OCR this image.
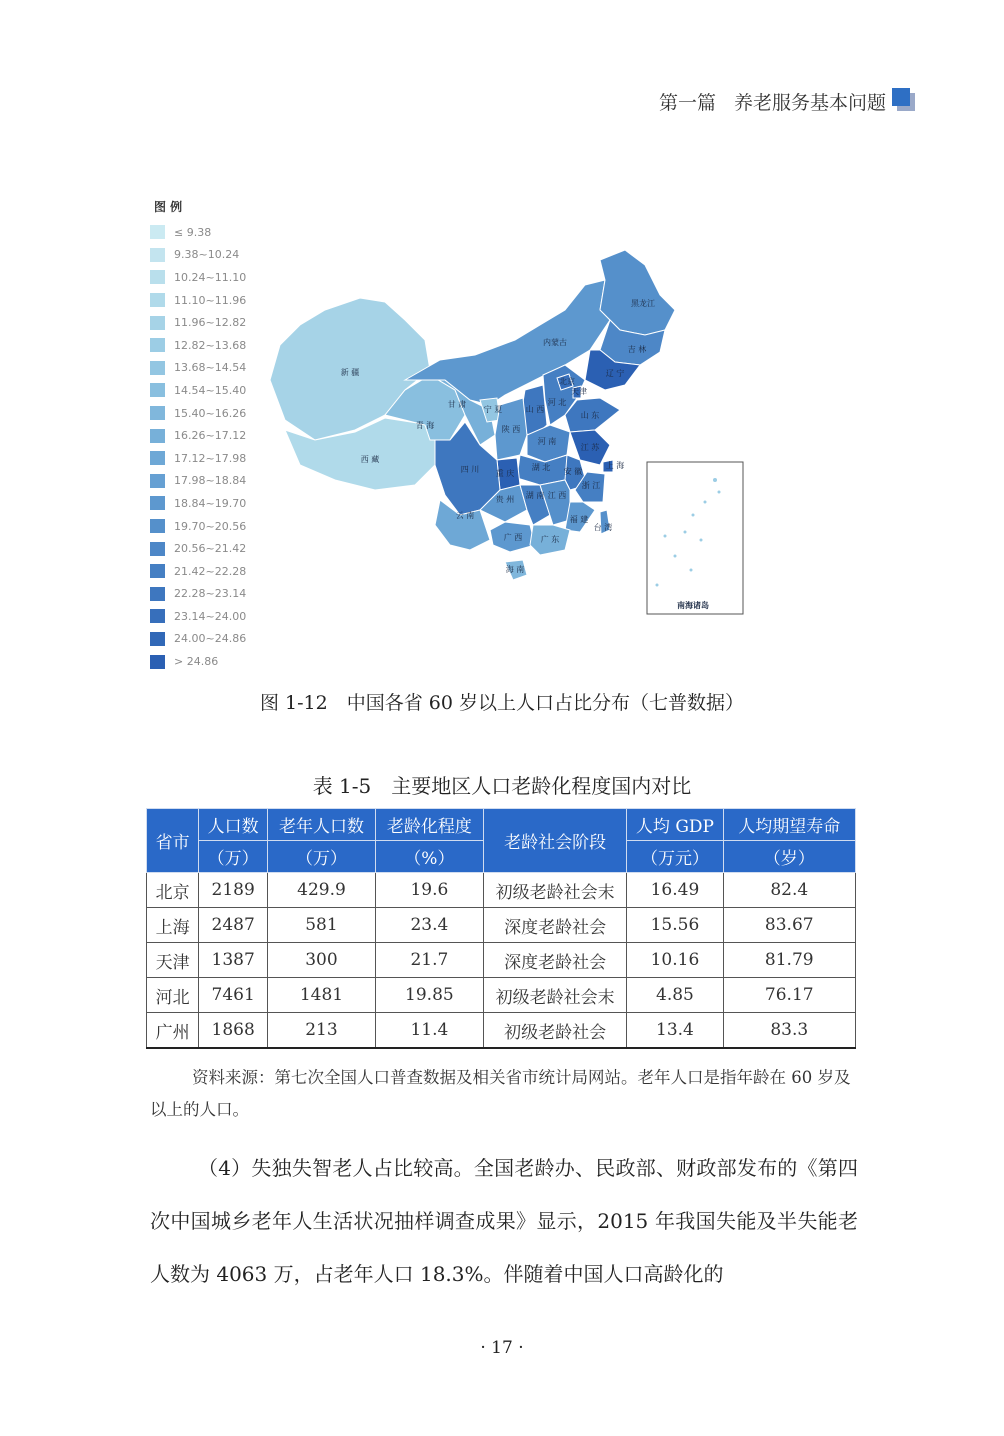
第一篇 养老服务基本问题
图 例
≤ 9.38
9.38~10.24
10.24~11.10
11.10~11.96
11.96~12.82
12.82~13.68
13.68~14.54
14.54~15.40
15.40~16.26
16.26~17.12
17.12~17.98
17.98~18.84
18.84~19.70
19.70~20.56
20.56~21.42
21.42~22.28
22.28~23.14
23.14~24.00
24.00~24.86
> 24.86
黑龙江
吉 林
辽 宁
内蒙古
新 疆
西 藏
青 海
甘 肃
宁 夏	山 西
陕 西
北京
天津
河 北
山 东
河 南
江 苏
安 徽
上 海
湖 北
四 川 重 庆
贵 州 湖 南 江 西
浙 江
云 南
广 西 广 东
福 建
台 湾
海 南
南海诸岛
图 1-12　中国各省 60 岁以上人口占比分布（七普数据）
表 1-5　主要地区人口老龄化程度国内对比
省市	人口数	老年人口数	老龄化程度	老龄社会阶段	人均 GDP	人均期望寿命
	（万）	（万）	（%）		（万元）	（岁）
北京	2189	429.9	19.6	初级老龄社会末	16.49	82.4
上海	2487	581	23.4	深度老龄社会	15.56	83.67
天津	1387	300	21.7	深度老龄社会	10.16	81.79
河北	7461	1481	19.85	初级老龄社会末	4.85	76.17
广州	1868	213	11.4	初级老龄社会	13.4	83.3
资料来源：第七次全国人口普查数据及相关省市统计局网站。老年人口是指年龄在 60 岁及以上的人口。
（4）失独失智老人占比较高。全国老龄办、民政部、财政部发布的《第四次中国城乡老年人生活状况抽样调查成果》显示，2015 年我国失能及半失能老人数为 4063 万，占老年人口 18.3%。伴随着中国人口高龄化的
· 17 ·
